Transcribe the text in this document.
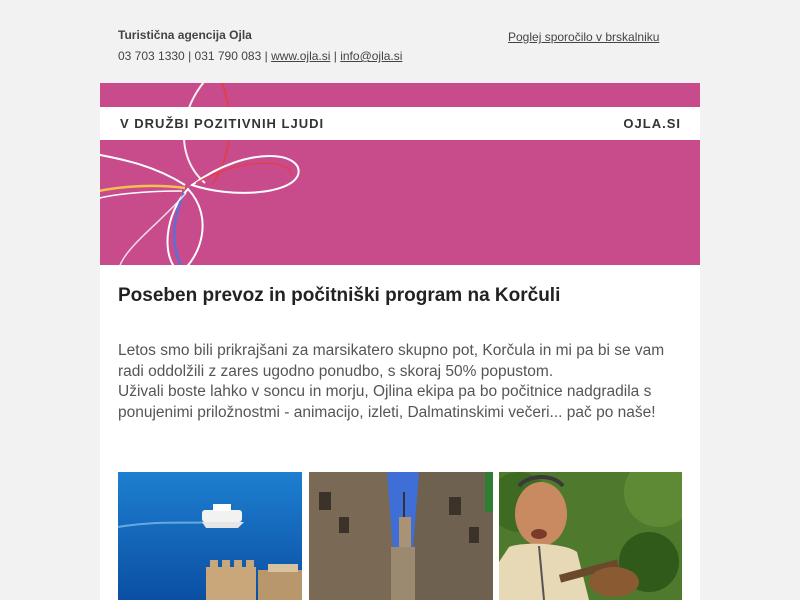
Turistična agencija Ojla
03 703 1330 | 031 790 083 | www.ojla.si | info@ojla.si
Poglej sporočilo v brskalniku
V DRUŽBI POZITIVNIH LJUDI	OJLA.SI
Poseben prevoz in počitniški program na Korčuli

Letos smo bili prikrajšani za marsikatero skupno pot, Korčula in mi pa bi se vam radi oddolžili z zares ugodno ponudbo, s skoraj 50% popustom.

Uživali boste lahko v soncu in morju, Ojlina ekipa pa bo počitnice nadgradila s ponujenimi priložnostmi - animacijo, izleti, Dalmatinskimi večeri... pač po naše!
